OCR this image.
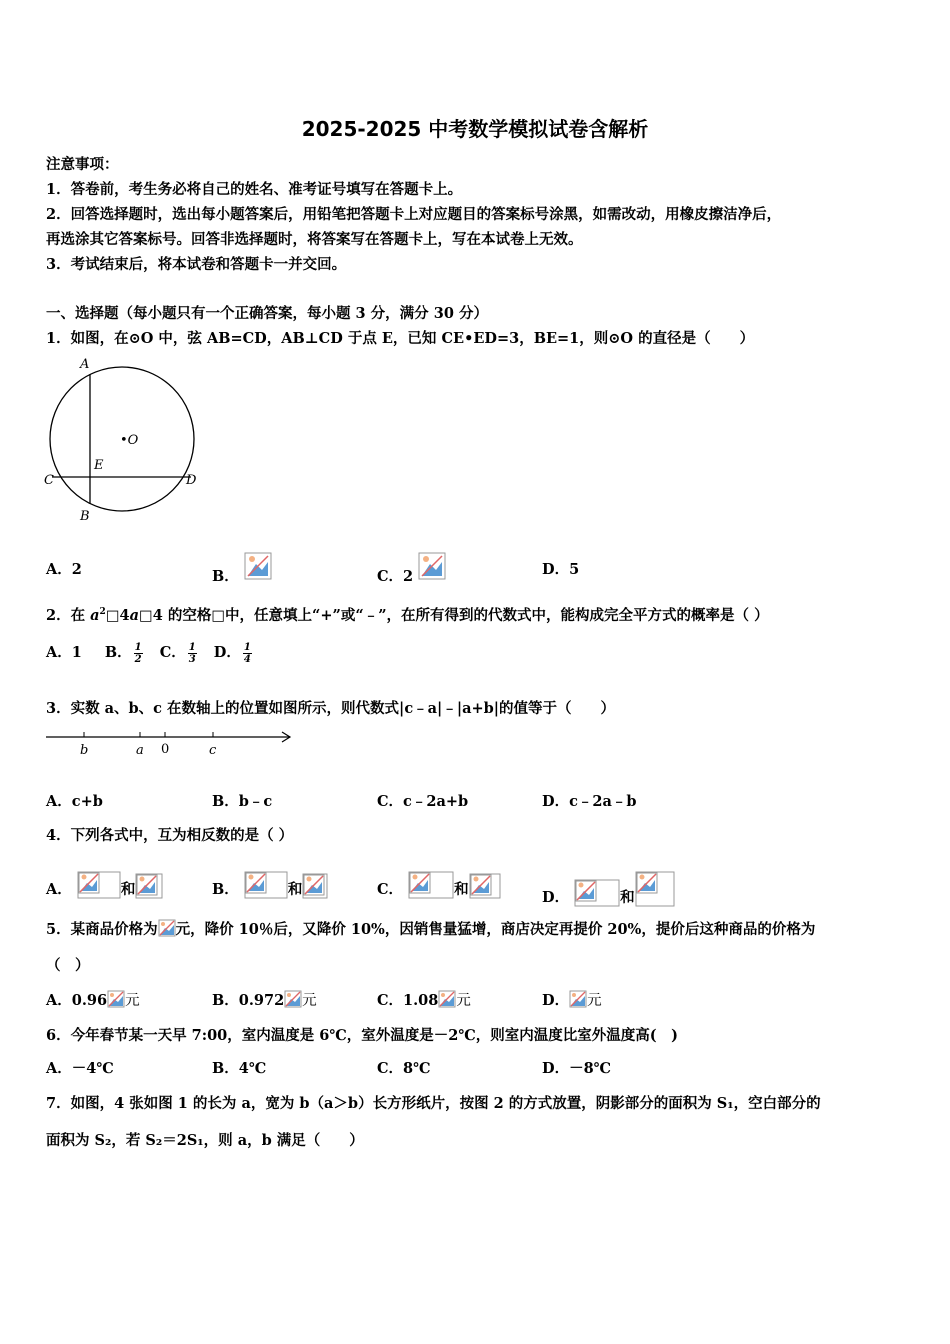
2025-2025 中考数学模拟试卷含解析
注意事项：
1．答卷前，考生务必将自己的姓名、准考证号填写在答题卡上。
2．回答选择题时，选出每小题答案后，用铅笔把答题卡上对应题目的答案标号涂黑，如需改动，用橡皮擦洁净后，
再选涂其它答案标号。回答非选择题时，将答案写在答题卡上，写在本试卷上无效。
3．考试结束后，将本试卷和答题卡一并交回。
一、选择题（每小题只有一个正确答案，每小题 3 分，满分 30 分）
1．如图，在⊙O 中，弦 AB=CD，AB⊥CD 于点 E，已知 CE•ED=3，BE=1，则⊙O 的直径是（　　）
A
B
C	D
E
•O
A．2	B．	C．2	D．5
2．在 $a^2□4a□4$ 的空格□中，任意填上“+”或“﹣”，在所有得到的代数式中，能构成完全平方式的概率是（ ）
A．1 B． $\frac{1}{2}$ C． $\frac{1}{3}$ D． $\frac{1}{4}$
3．实数 a、b、c 在数轴上的位置如图所示，则代数式|c﹣a|﹣|a+b|的值等于（　　）
b	a 0	c
A．c+b	B．b﹣c	C．c﹣2a+b	D．c﹣2a﹣b
4．下列各式中，互为相反数的是（ ）
A．	和	B．	和	C．	和	D．	和
5．某商品价格为 元，降价 10％后，又降价 10%，因销售量猛增，商店决定再提价 20%，提价后这种商品的价格为
（　）
A．0.96 元	B．0.972 元	C．1.08 元	D． 元
6．今年春节某一天早 7:00，室内温度是 6℃，室外温度是－2℃，则室内温度比室外温度高(　)
A．－4℃	B．4℃	C．8℃	D．－8℃
7．如图，4 张如图 1 的长为 a，宽为 b（a＞b）长方形纸片，按图 2 的方式放置，阴影部分的面积为 S₁，空白部分的
面积为 S₂，若 S₂＝2S₁，则 a，b 满足（　　）
